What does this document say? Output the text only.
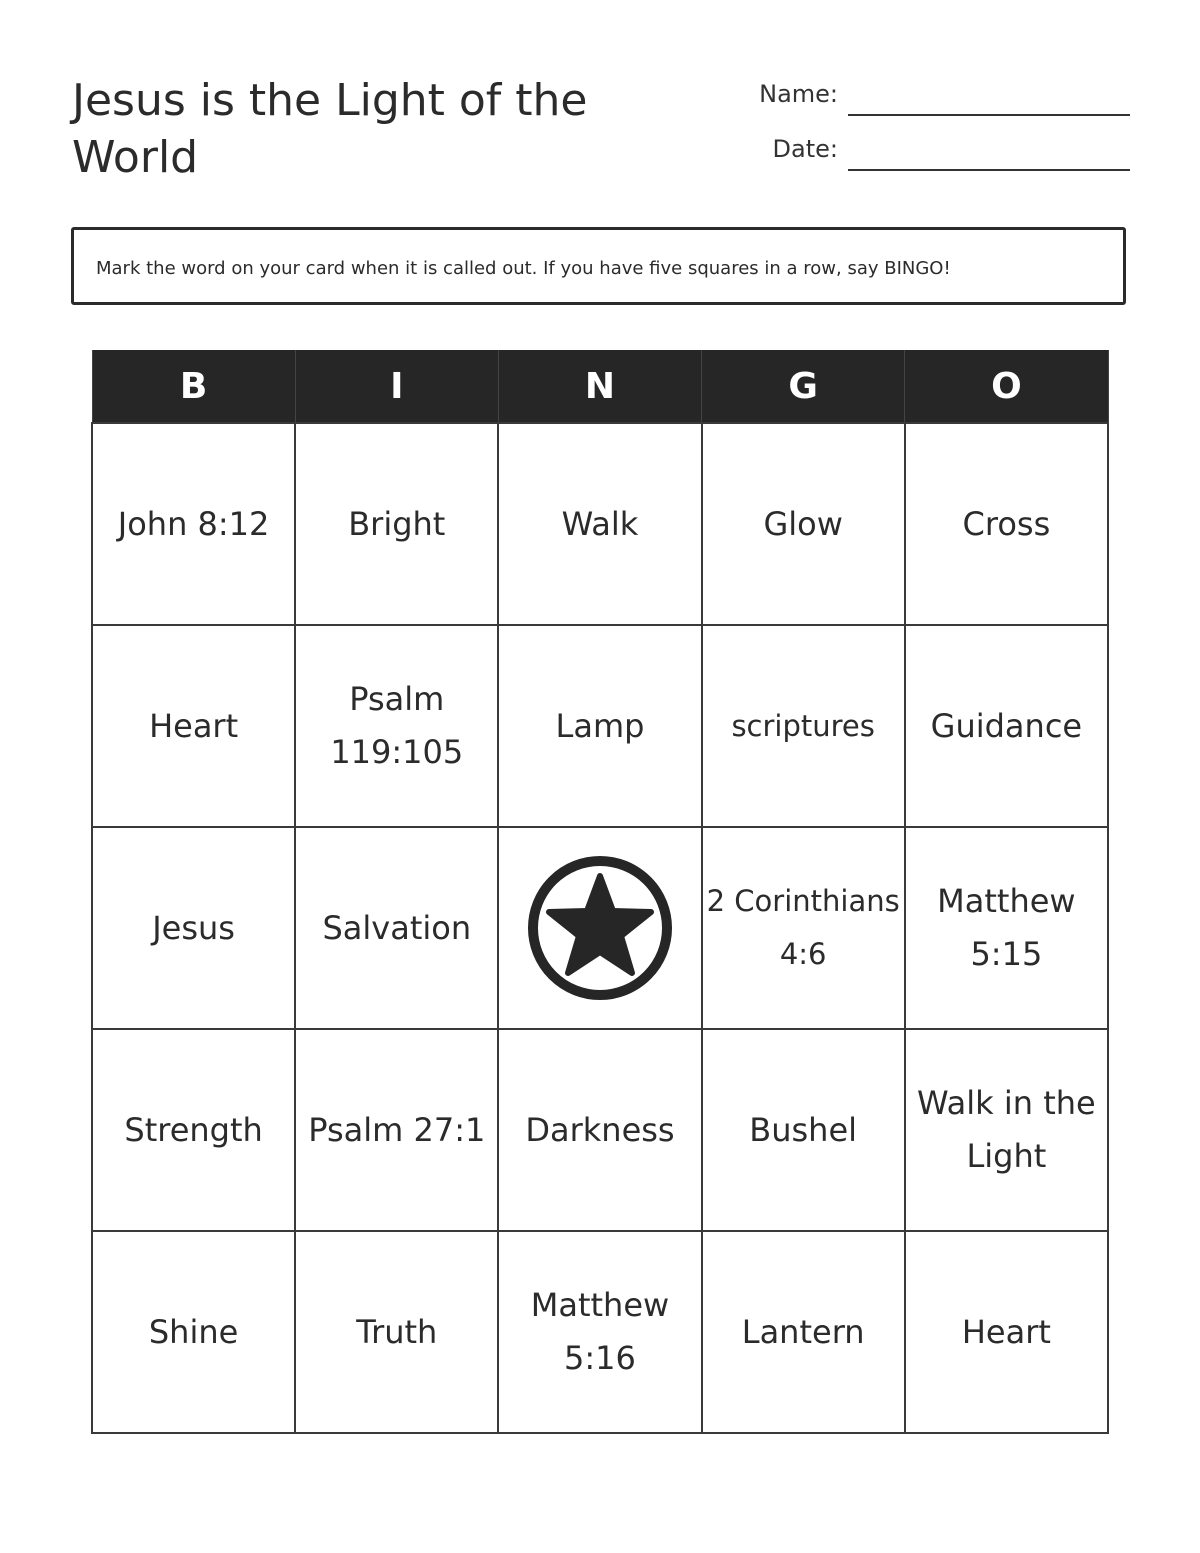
Jesus is the Light of the World
Name:
Date:
Mark the word on your card when it is called out. If you have five squares in a row, say BINGO!
B	I	N	G	O
John 8:12	Bright	Walk	Glow	Cross
Heart	Psalm 119:105	Lamp	scriptures	Guidance
Jesus	Salvation		2 Corinthians 4:6	Matthew 5:15
Strength	Psalm 27:1	Darkness	Bushel	Walk in the Light
Shine	Truth	Matthew 5:16	Lantern	Heart
